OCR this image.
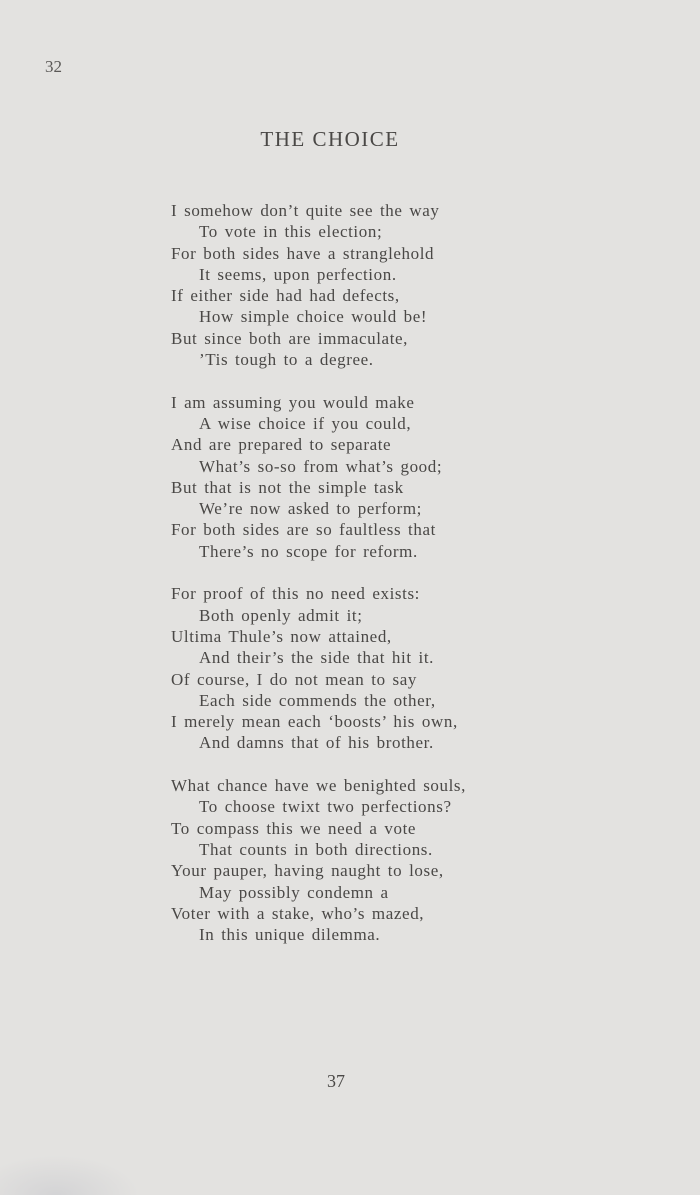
32
THE CHOICE
I somehow don’t quite see the way
To vote in this election;
For both sides have a stranglehold
It seems, upon perfection.
If either side had had defects,
How simple choice would be!
But since both are immaculate,
’Tis tough to a degree.
I am assuming you would make
A wise choice if you could,
And are prepared to separate
What’s so-so from what’s good;
But that is not the simple task
We’re now asked to perform;
For both sides are so faultless that
There’s no scope for reform.
For proof of this no need exists:
Both openly admit it;
Ultima Thule’s now attained,
And their’s the side that hit it.
Of course, I do not mean to say
Each side commends the other,
I merely mean each ‘boosts’ his own,
And damns that of his brother.
What chance have we benighted souls,
To choose twixt two perfections?
To compass this we need a vote
That counts in both directions.
Your pauper, having naught to lose,
May possibly condemn a
Voter with a stake, who’s mazed,
In this unique dilemma.
37
